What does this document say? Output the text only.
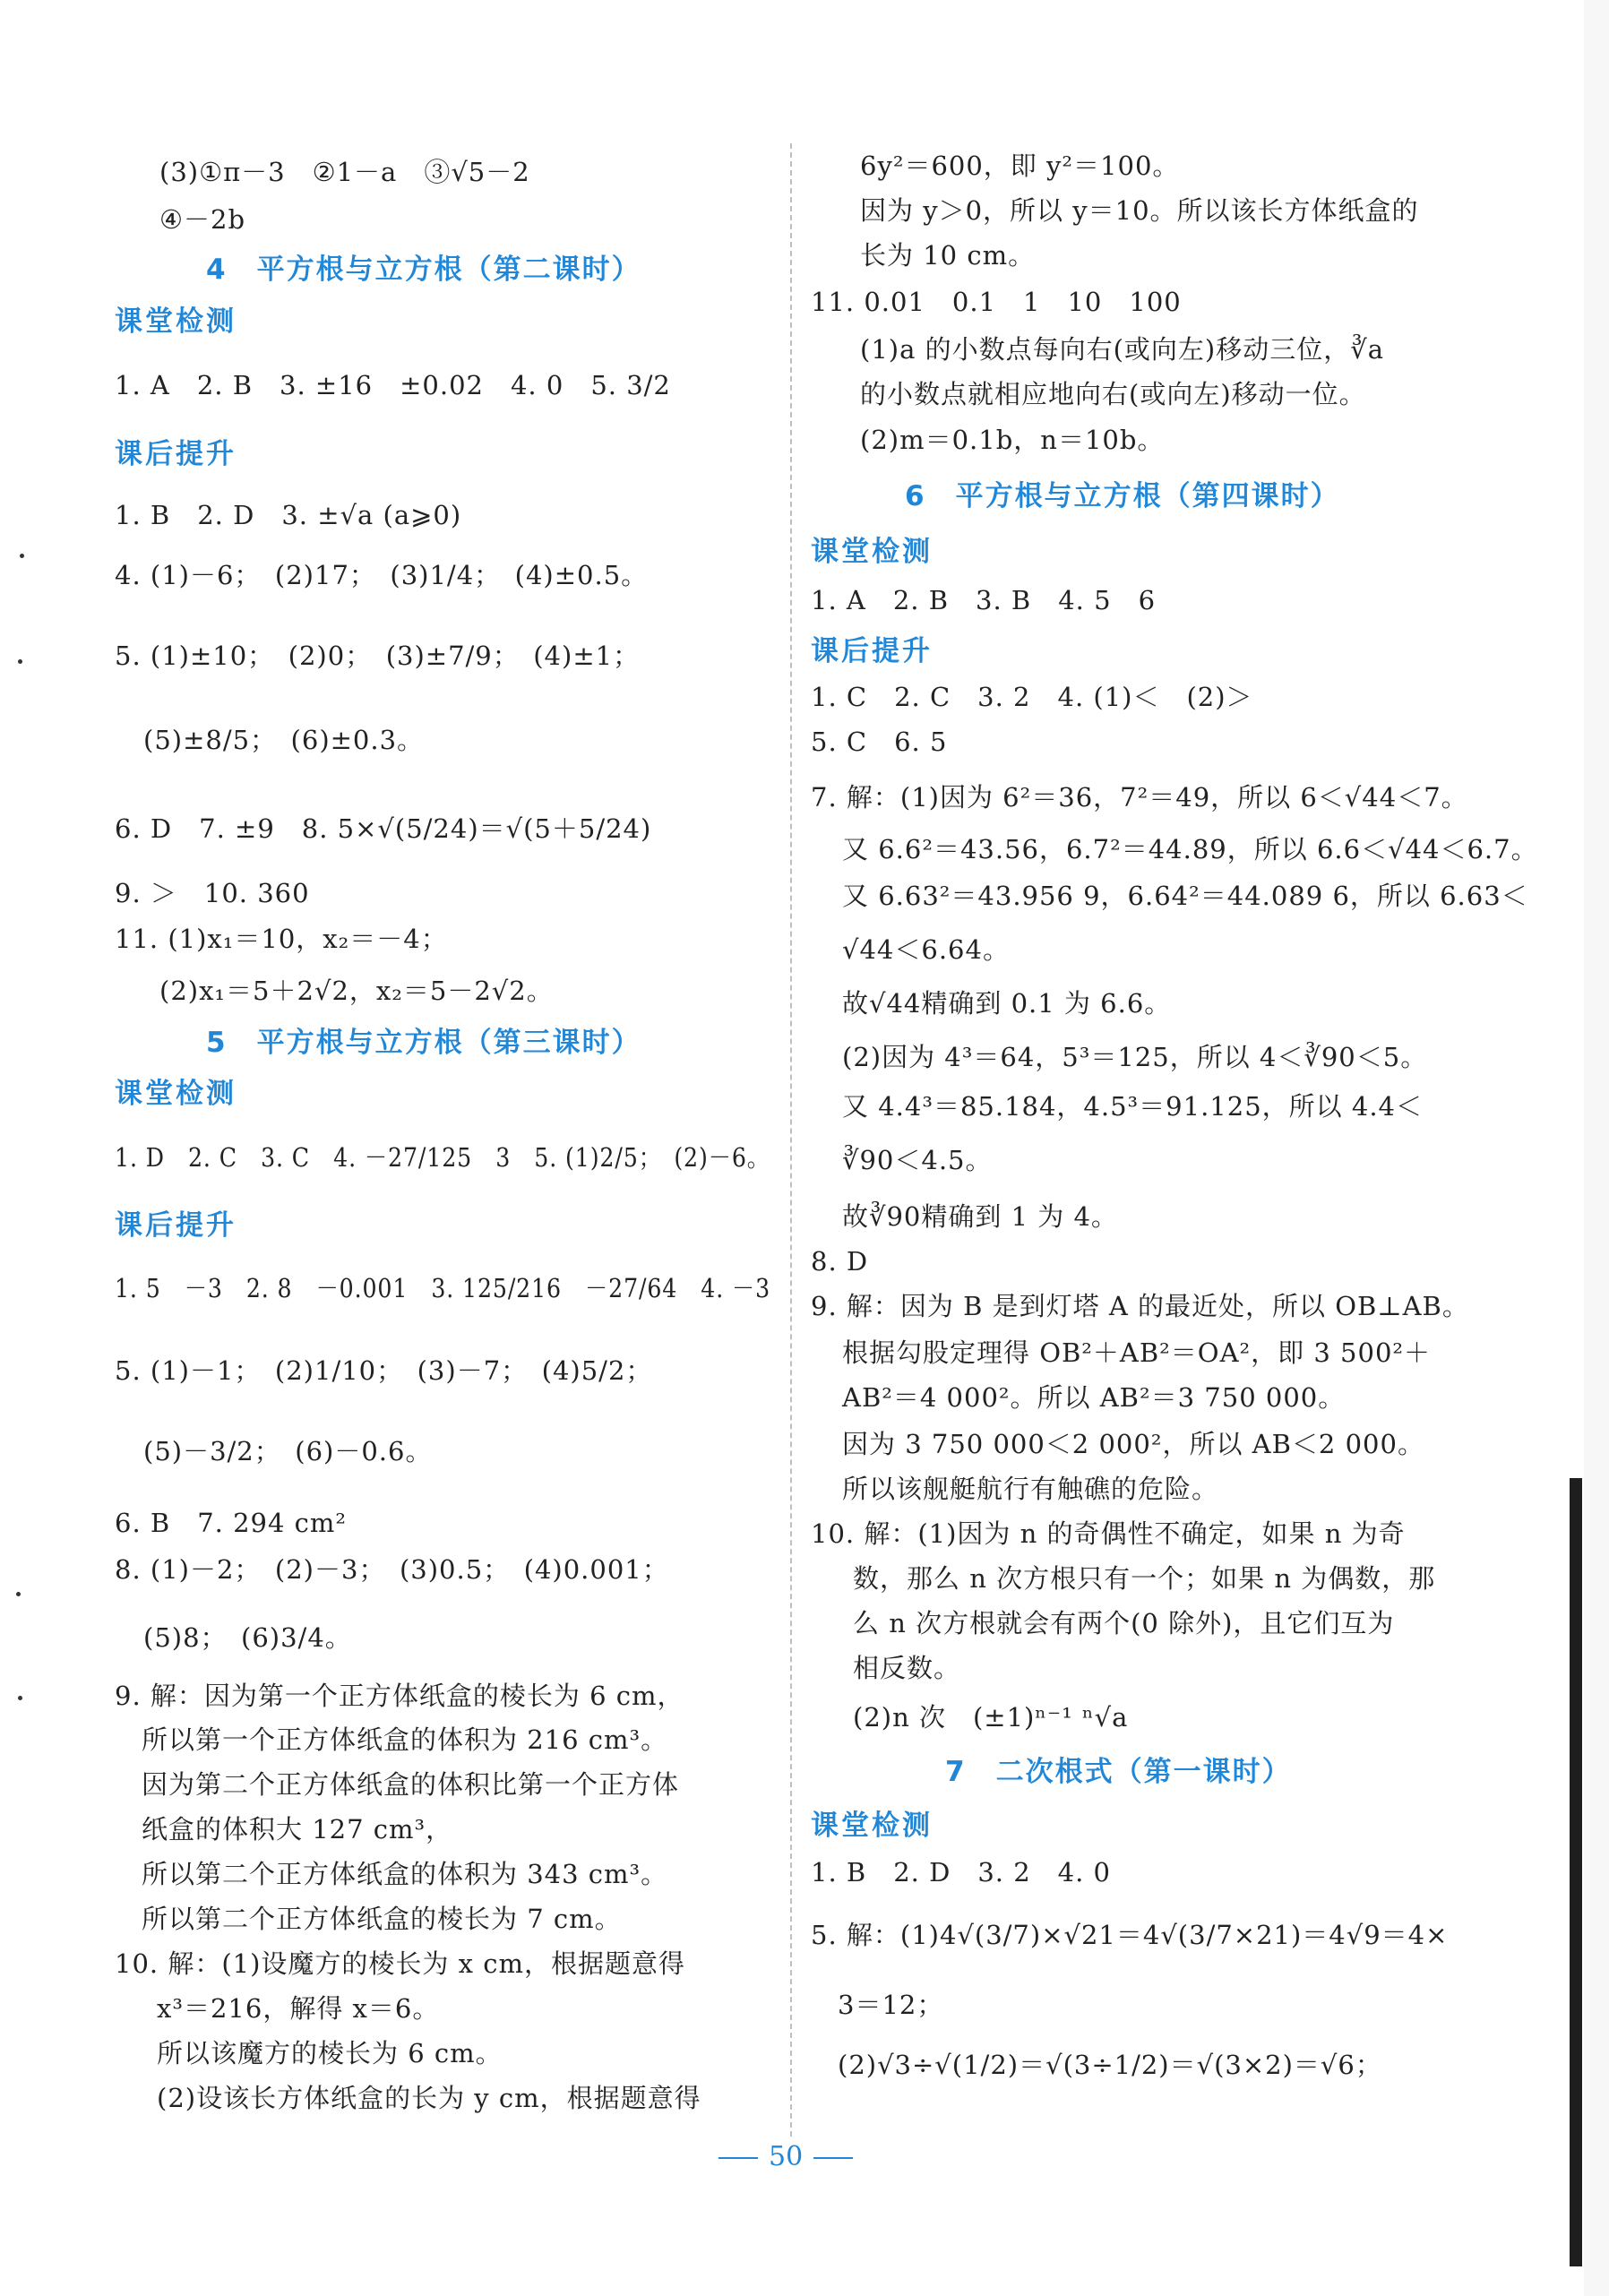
(3)①π－3　②1－a　③√5－2
④－2b
4　平方根与立方根（第二课时）
课堂检测
1. A　2. B　3. ±16　±0.02　4. 0　5. 3/2
课后提升
1. B　2. D　3. ±√a (a⩾0)
4. (1)－6；　(2)17；　(3)1/4；　(4)±0.5。
5. (1)±10；　(2)0；　(3)±7/9；　(4)±1；
(5)±8/5；　(6)±0.3。
6. D　7. ±9　8. 5×√(5/24)＝√(5＋5/24)
9. ＞　10. 360
11. (1)x₁＝10，x₂＝－4；
(2)x₁＝5＋2√2，x₂＝5－2√2。
5　平方根与立方根（第三课时）
课堂检测
1. D　2. C　3. C　4. －27/125　3　5. (1)2/5；　(2)－6。
课后提升
1. 5　－3　2. 8　－0.001　3. 125/216　－27/64　4. －3
5. (1)－1；　(2)1/10；　(3)－7；　(4)5/2；
(5)－3/2；　(6)－0.6。
6. B　7. 294 cm²
8. (1)－2；　(2)－3；　(3)0.5；　(4)0.001；
(5)8；　(6)3/4。
9. 解：因为第一个正方体纸盒的棱长为 6 cm，
所以第一个正方体纸盒的体积为 216 cm³。
因为第二个正方体纸盒的体积比第一个正方体
纸盒的体积大 127 cm³，
所以第二个正方体纸盒的体积为 343 cm³。
所以第二个正方体纸盒的棱长为 7 cm。
10. 解：(1)设魔方的棱长为 x cm，根据题意得
x³＝216，解得 x＝6。
所以该魔方的棱长为 6 cm。
(2)设该长方体纸盒的长为 y cm，根据题意得
6y²＝600，即 y²＝100。
因为 y＞0，所以 y＝10。所以该长方体纸盒的
长为 10 cm。
11. 0.01　0.1　1　10　100
(1)a 的小数点每向右(或向左)移动三位，∛a
的小数点就相应地向右(或向左)移动一位。
(2)m＝0.1b，n＝10b。
6　平方根与立方根（第四课时）
课堂检测
1. A　2. B　3. B　4. 5　6
课后提升
1. C　2. C　3. 2　4. (1)＜　(2)＞
5. C　6. 5
7. 解：(1)因为 6²＝36，7²＝49，所以 6＜√44＜7。
又 6.6²＝43.56，6.7²＝44.89，所以 6.6＜√44＜6.7。
又 6.63²＝43.956 9，6.64²＝44.089 6，所以 6.63＜
√44＜6.64。
故√44精确到 0.1 为 6.6。
(2)因为 4³＝64，5³＝125，所以 4＜∛90＜5。
又 4.4³＝85.184，4.5³＝91.125，所以 4.4＜
∛90＜4.5。
故∛90精确到 1 为 4。
8. D
9. 解：因为 B 是到灯塔 A 的最近处，所以 OB⊥AB。
根据勾股定理得 OB²＋AB²＝OA²，即 3 500²＋
AB²＝4 000²。所以 AB²＝3 750 000。
因为 3 750 000＜2 000²，所以 AB＜2 000。
所以该舰艇航行有触礁的危险。
10. 解：(1)因为 n 的奇偶性不确定，如果 n 为奇
数，那么 n 次方根只有一个；如果 n 为偶数，那
么 n 次方根就会有两个(0 除外)，且它们互为
相反数。
(2)n 次　(±1)ⁿ⁻¹ ⁿ√a
7　二次根式（第一课时）
课堂检测
1. B　2. D　3. 2　4. 0
5. 解：(1)4√(3/7)×√21＝4√(3/7×21)＝4√9＝4×
3＝12；
(2)√3÷√(1/2)＝√(3÷1/2)＝√(3×2)＝√6；
50
